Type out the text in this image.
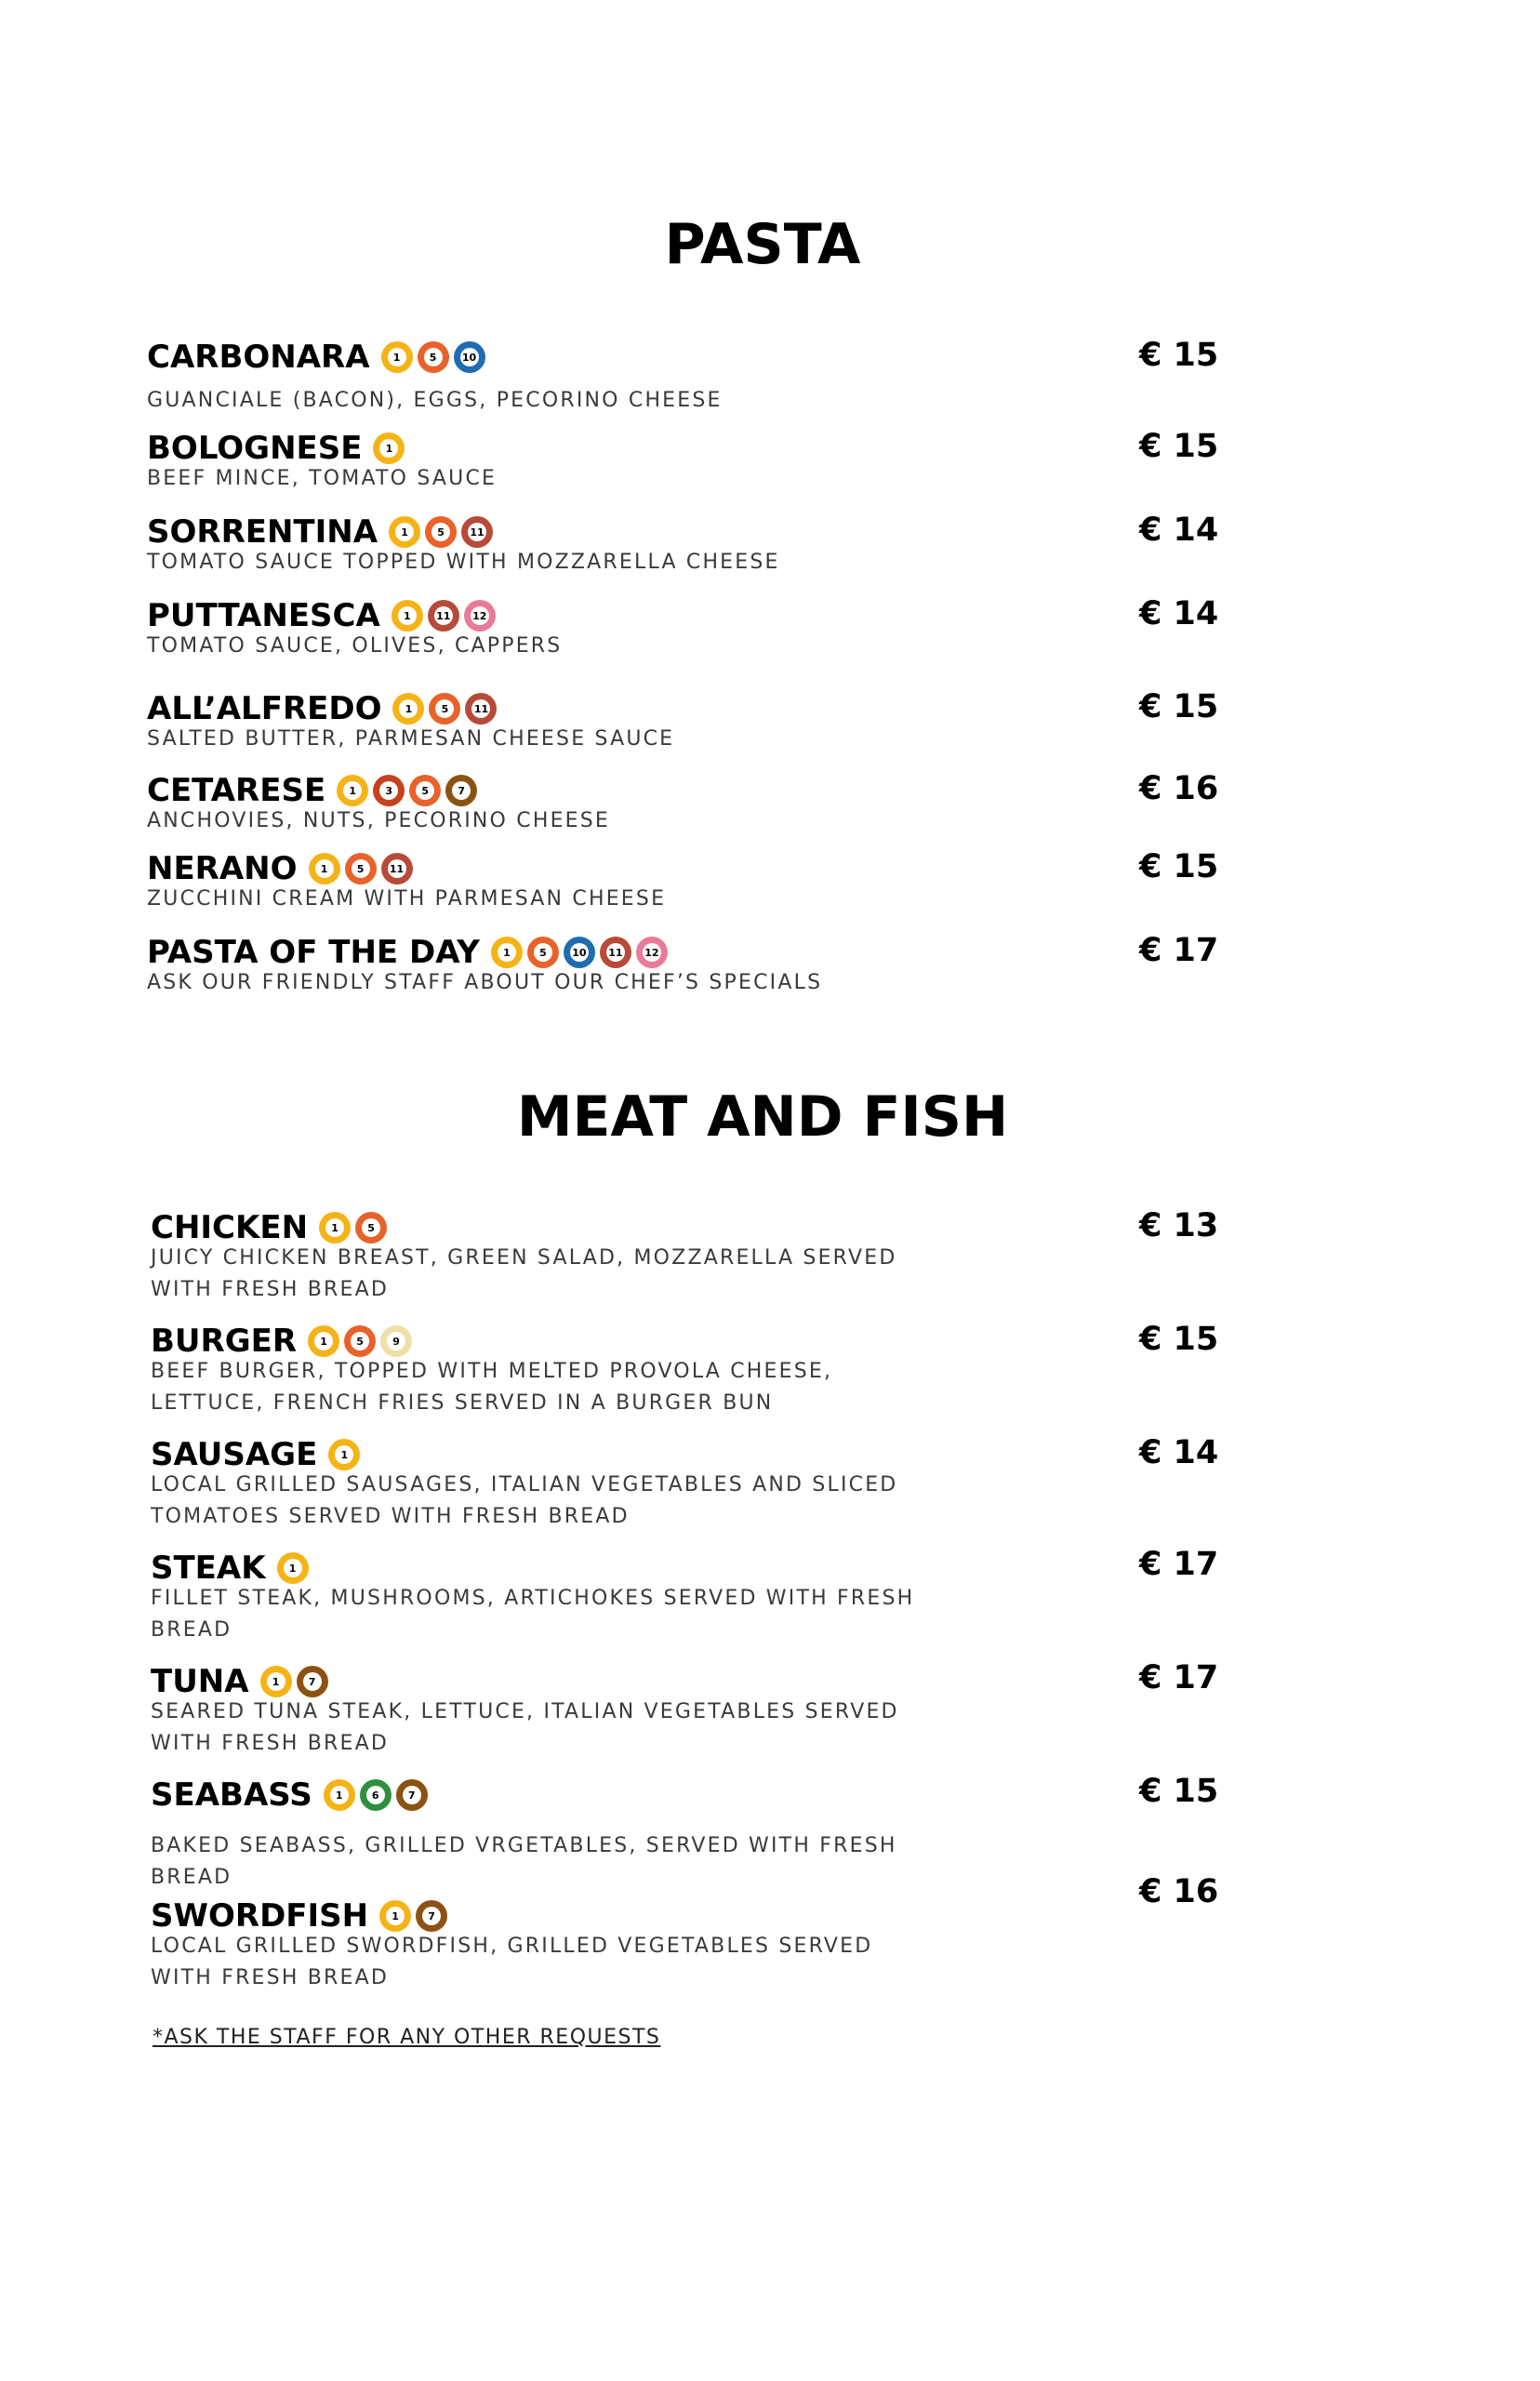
PASTA
CARBONARA	1	5	10
GUANCIALE (BACON), EGGS, PECORINO CHEESE
€ 15
BOLOGNESE	1
BEEF MINCE, TOMATO SAUCE
€ 15
SORRENTINA	1	5	11
TOMATO SAUCE TOPPED WITH MOZZARELLA CHEESE
€ 14
PUTTANESCA	1	11 12
TOMATO SAUCE, OLIVES, CAPPERS
€ 14
ALL’ALFREDO	1	5	11
SALTED BUTTER, PARMESAN CHEESE SAUCE
€ 15
CETARESE	1	3	5	7
ANCHOVIES, NUTS, PECORINO CHEESE
€ 16
NERANO	1	5	11
ZUCCHINI CREAM WITH PARMESAN CHEESE
€ 15
PASTA OF THE DAY	1	5	10 11 12
ASK OUR FRIENDLY STAFF ABOUT OUR CHEF’S SPECIALS
€ 17
MEAT AND FISH
CHICKEN	1	5
JUICY CHICKEN BREAST, GREEN SALAD, MOZZARELLA SERVED WITH FRESH BREAD
€ 13
BURGER	1	5	9
BEEF BURGER, TOPPED WITH MELTED PROVOLA CHEESE, LETTUCE, FRENCH FRIES SERVED IN A BURGER BUN
€ 15
SAUSAGE	1
LOCAL GRILLED SAUSAGES, ITALIAN VEGETABLES AND SLICED TOMATOES SERVED WITH FRESH BREAD
€ 14
STEAK	1
FILLET STEAK, MUSHROOMS, ARTICHOKES SERVED WITH FRESH BREAD
€ 17
TUNA	1	7
SEARED TUNA STEAK, LETTUCE, ITALIAN VEGETABLES SERVED WITH FRESH BREAD
€ 17
SEABASS	1	6	7
BAKED SEABASS, GRILLED VRGETABLES, SERVED WITH FRESH BREAD
€ 15
SWORDFISH	1	7
LOCAL GRILLED SWORDFISH, GRILLED VEGETABLES SERVED WITH FRESH BREAD
€ 16
*ASK THE STAFF FOR ANY OTHER REQUESTS
